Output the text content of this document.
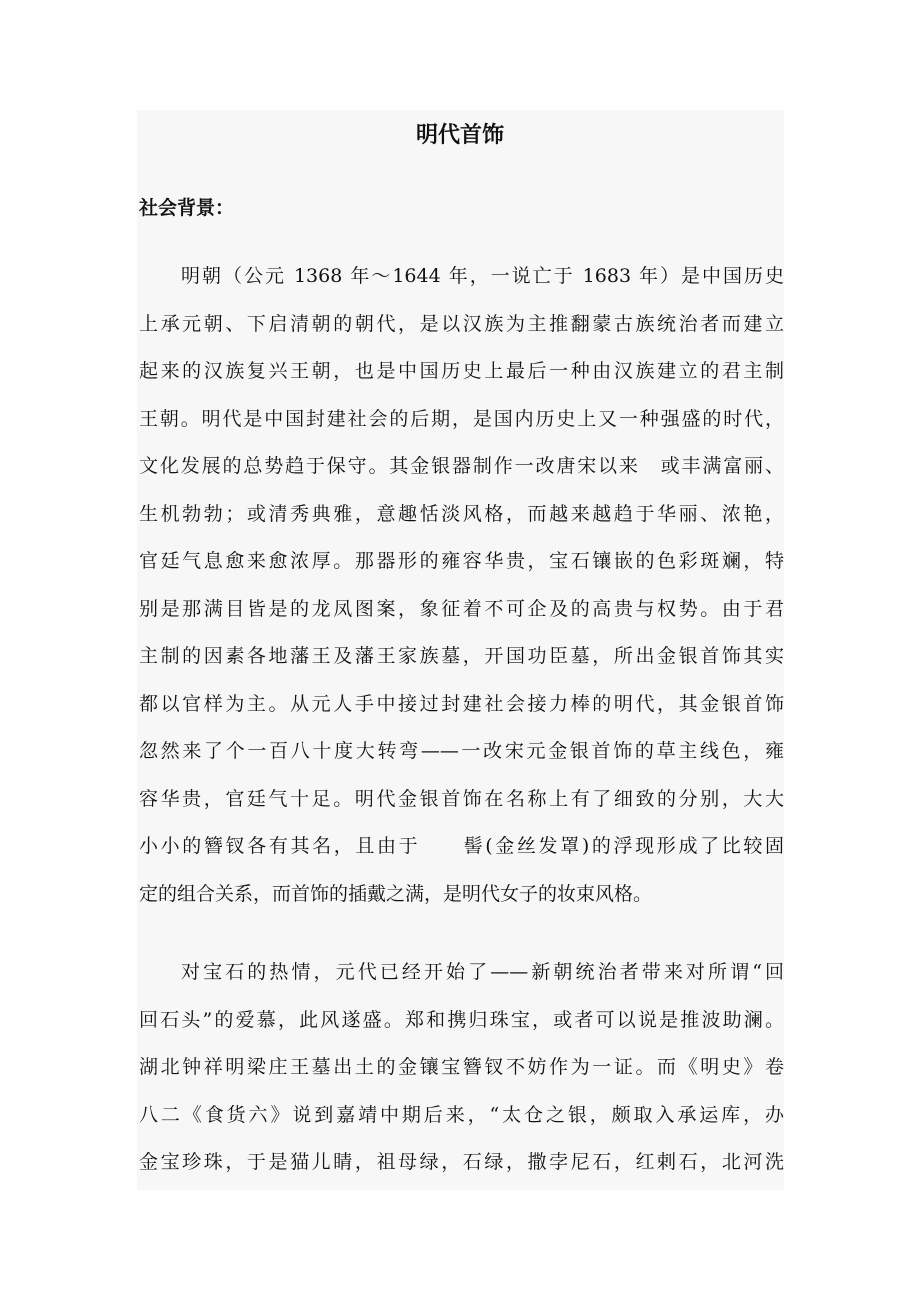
明代首饰
社会背景：
明朝（公元 1368 年～1644 年，一说亡于 1683 年）是中国历史
上承元朝、下启清朝的朝代，是以汉族为主推翻蒙古族统治者而建立
起来的汉族复兴王朝，也是中国历史上最后一种由汉族建立的君主制
王朝。明代是中国封建社会的后期，是国内历史上又一种强盛的时代，
文化发展的总势趋于保守。其金银器制作一改唐宋以来　或丰满富丽、
生机勃勃；或清秀典雅，意趣恬淡风格，而越来越趋于华丽、浓艳，
官廷气息愈来愈浓厚。那器形的雍容华贵，宝石镶嵌的色彩斑斓，特
别是那满目皆是的龙凤图案，象征着不可企及的高贵与权势。由于君
主制的因素各地藩王及藩王家族墓，开国功臣墓，所出金银首饰其实
都以官样为主。从元人手中接过封建社会接力棒的明代，其金银首饰
忽然来了个一百八十度大转弯——一改宋元金银首饰的草主线色，雍
容华贵，官廷气十足。明代金银首饰在名称上有了细致的分别，大大
小小的簪钗各有其名，且由于　　髻(金丝发罩)的浮现形成了比较固
定的组合关系，而首饰的插戴之满，是明代女子的妆束风格。
对宝石的热情，元代已经开始了——新朝统治者带来对所谓“回
回石头”的爱慕，此风遂盛。郑和携归珠宝，或者可以说是推波助澜。
湖北钟祥明梁庄王墓出土的金镶宝簪钗不妨作为一证。而《明史》卷
八二《食货六》说到嘉靖中期后来，“太仓之银，颇取入承运库，办
金宝珍珠，于是猫儿睛，祖母绿，石绿，撒孛尼石，红剌石，北河洗
